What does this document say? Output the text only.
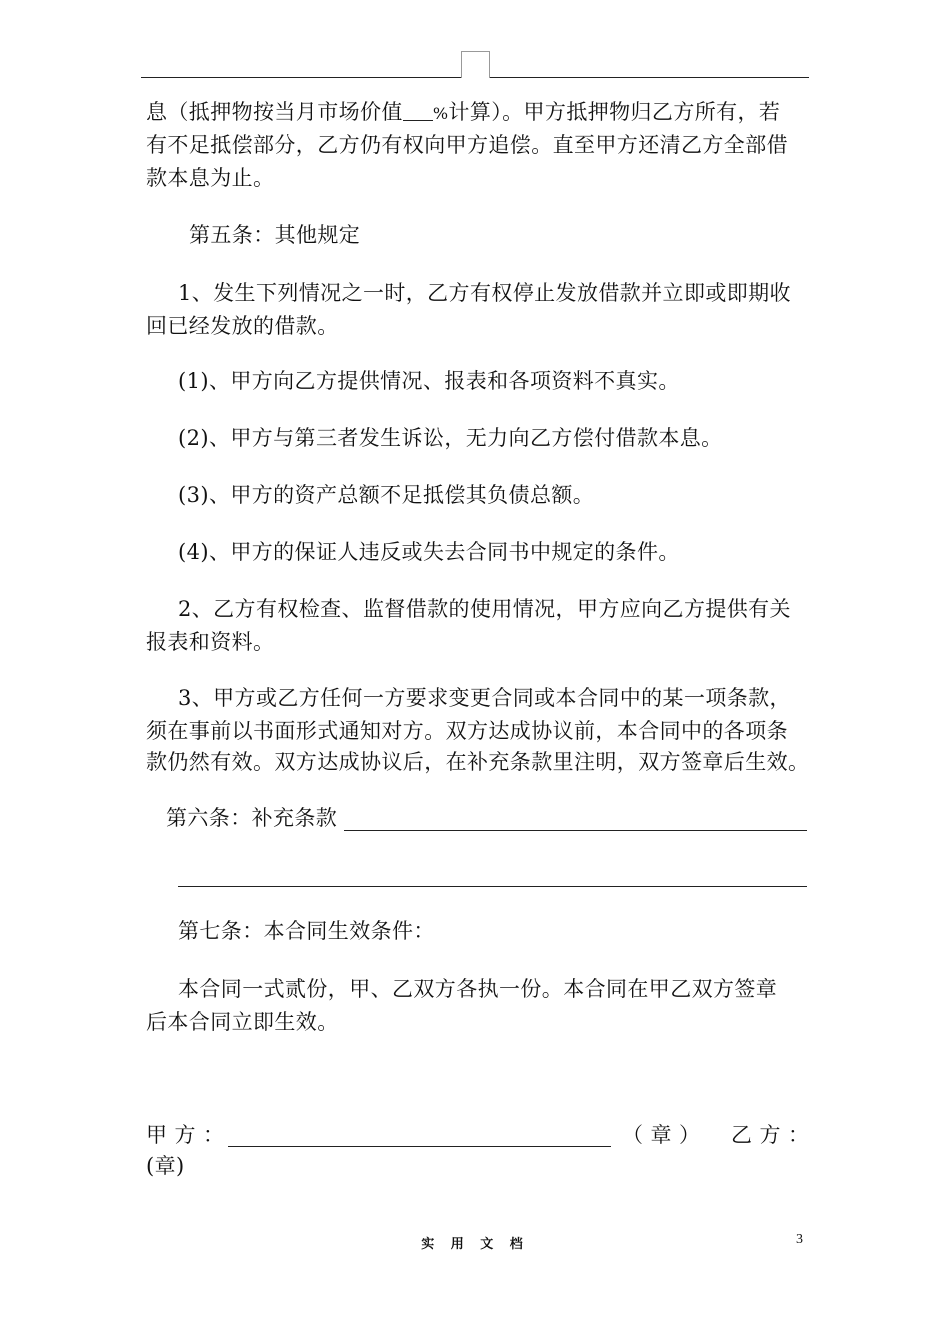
息（抵押物按当月市场价值 %计算）。甲方抵押物归乙方所有，若
有不足抵偿部分，乙方仍有权向甲方追偿。直至甲方还清乙方全部借
款本息为止。
第五条：其他规定
1、发生下列情况之一时，乙方有权停止发放借款并立即或即期收
回已经发放的借款。
(1)、甲方向乙方提供情况、报表和各项资料不真实。
(2)、甲方与第三者发生诉讼，无力向乙方偿付借款本息。
(3)、甲方的资产总额不足抵偿其负债总额。
(4)、甲方的保证人违反或失去合同书中规定的条件。
2、乙方有权检查、监督借款的使用情况，甲方应向乙方提供有关
报表和资料。
3、甲方或乙方任何一方要求变更合同或本合同中的某一项条款，
须在事前以书面形式通知对方。双方达成协议前，本合同中的各项条
款仍然有效。双方达成协议后，在补充条款里注明，双方签章后生效。
第六条：补充条款
第七条：本合同生效条件：
本合同一式贰份，甲、乙双方各执一份。本合同在甲乙双方签章
后本合同立即生效。
甲 方 ：	（ 章 ） 乙 方 ：
(章)
实 用 文 档	3
